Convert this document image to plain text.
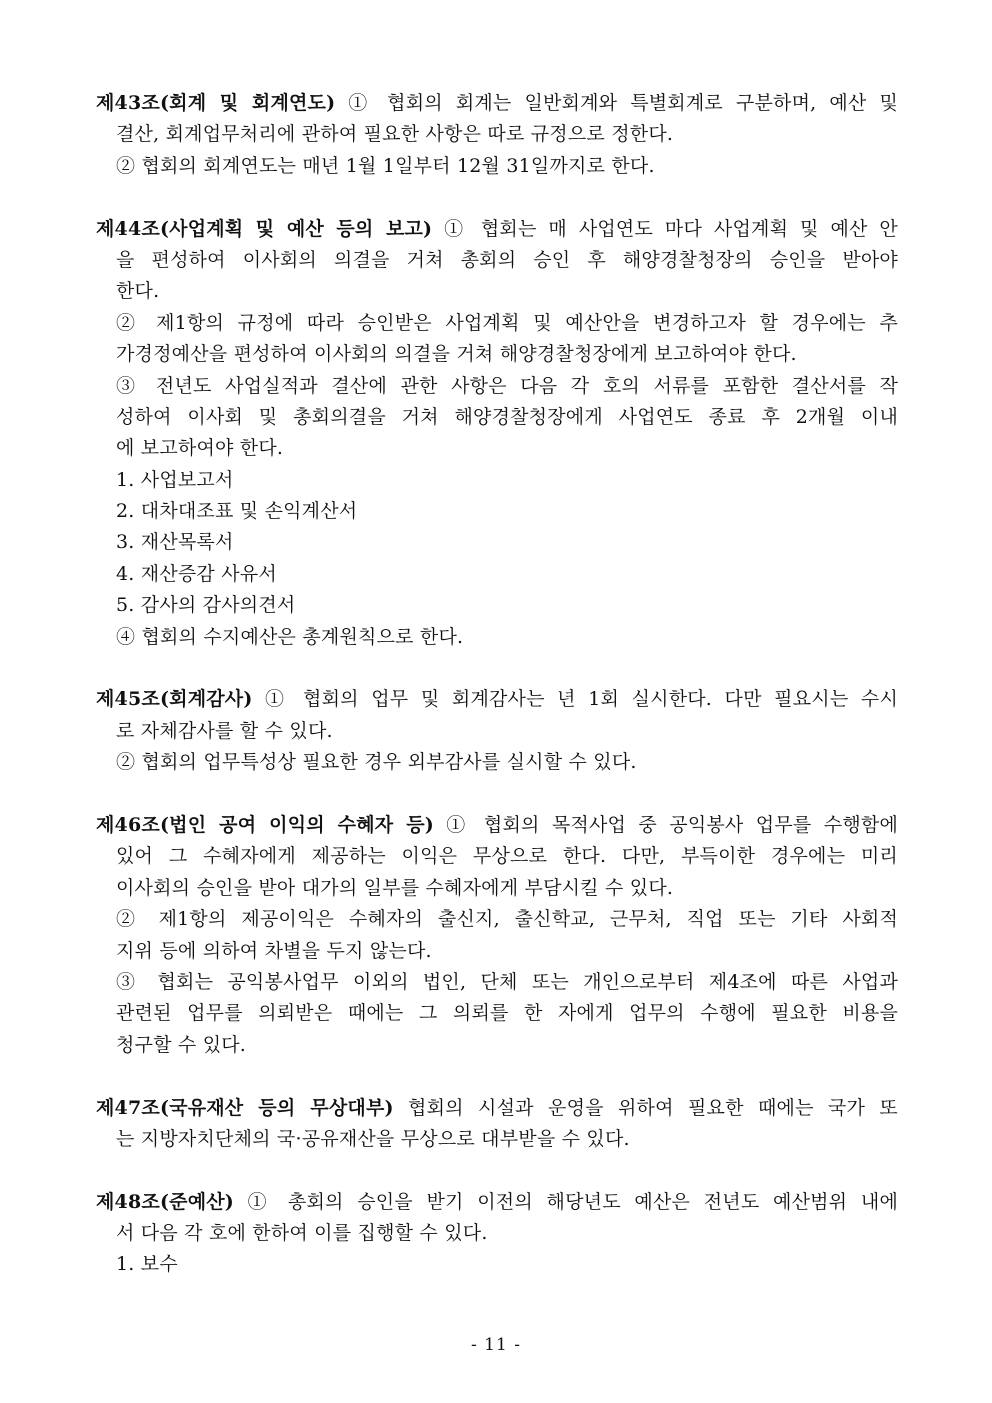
제43조(회계 및 회계연도) ① 협회의 회계는 일반회계와 특별회계로 구분하며, 예산 및
결산, 회계업무처리에 관하여 필요한 사항은 따로 규정으로 정한다.
② 협회의 회계연도는 매년 1월 1일부터 12월 31일까지로 한다.
제44조(사업계획 및 예산 등의 보고) ① 협회는 매 사업연도 마다 사업계획 및 예산 안
을 편성하여 이사회의 의결을 거쳐 총회의 승인 후 해양경찰청장의 승인을 받아야
한다.
② 제1항의 규정에 따라 승인받은 사업계획 및 예산안을 변경하고자 할 경우에는 추
가경정예산을 편성하여 이사회의 의결을 거쳐 해양경찰청장에게 보고하여야 한다.
③ 전년도 사업실적과 결산에 관한 사항은 다음 각 호의 서류를 포함한 결산서를 작
성하여 이사회 및 총회의결을 거쳐 해양경찰청장에게 사업연도 종료 후 2개월 이내
에 보고하여야 한다.
1. 사업보고서
2. 대차대조표 및 손익계산서
3. 재산목록서
4. 재산증감 사유서
5. 감사의 감사의견서
④ 협회의 수지예산은 총계원칙으로 한다.
제45조(회계감사) ① 협회의 업무 및 회계감사는 년 1회 실시한다. 다만 필요시는 수시
로 자체감사를 할 수 있다.
② 협회의 업무특성상 필요한 경우 외부감사를 실시할 수 있다.
제46조(법인 공여 이익의 수혜자 등) ① 협회의 목적사업 중 공익봉사 업무를 수행함에
있어 그 수혜자에게 제공하는 이익은 무상으로 한다. 다만, 부득이한 경우에는 미리
이사회의 승인을 받아 대가의 일부를 수혜자에게 부담시킬 수 있다.
② 제1항의 제공이익은 수혜자의 출신지, 출신학교, 근무처, 직업 또는 기타 사회적
지위 등에 의하여 차별을 두지 않는다.
③ 협회는 공익봉사업무 이외의 법인, 단체 또는 개인으로부터 제4조에 따른 사업과
관련된 업무를 의뢰받은 때에는 그 의뢰를 한 자에게 업무의 수행에 필요한 비용을
청구할 수 있다.
제47조(국유재산 등의 무상대부) 협회의 시설과 운영을 위하여 필요한 때에는 국가 또
는 지방자치단체의 국·공유재산을 무상으로 대부받을 수 있다.
제48조(준예산) ① 총회의 승인을 받기 이전의 해당년도 예산은 전년도 예산범위 내에
서 다음 각 호에 한하여 이를 집행할 수 있다.
1. 보수
- 11 -
